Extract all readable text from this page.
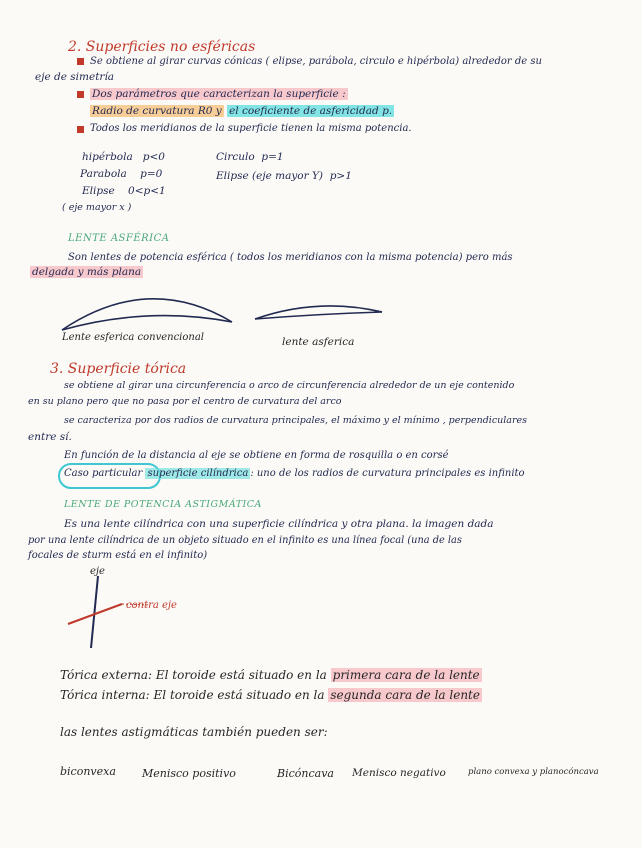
2. Superficies no esféricas
Se obtiene al girar curvas cónicas ( elipse, parábola, circulo e hipérbola) alrededor de su
eje de simetría
Dos parámetros que caracterizan la superficie :
Radio de curvatura R0 y el coeficiente de asfericidad p.
Todos los meridianos de la superficie tienen la misma potencia.
hipérbola   p<0
Parabola    p=0
Elipse    0<p<1
( eje mayor x )
Circulo  p=1
Elipse (eje mayor Y)  p>1
LENTE ASFÉRICA
Son lentes de potencia esférica ( todos los meridianos con la misma potencia) pero más
delgada y más plana
Lente esferica convencional	lente asferica
3. Superficie tórica
se obtiene al girar una circunferencia o arco de circunferencia alrededor de un eje contenido
en su plano pero que no pasa por el centro de curvatura del arco
se caracteriza por dos radios de curvatura principales, el máximo y el mínimo , perpendiculares
entre sí.
En función de la distancia al eje se obtiene en forma de rosquilla o en corsé
Caso particular superficie cilíndrica : uno de los radios de curvatura principales es infinito
LENTE DE POTENCIA ASTIGMÁTICA
Es una lente cilíndrica con una superficie cilíndrica y otra plana. la imagen dada
por una lente cilíndrica de un objeto situado en el infinito es una línea focal (una de las
focales de sturm está en el infinito)
eje
contra eje
Tórica externa: El toroide está situado en la primera cara de la lente
Tórica interna: El toroide está situado en la segunda cara de la lente
las lentes astigmáticas también pueden ser:
biconvexa Menisco positivo	Bicóncava Menisco negativo	plano convexa y planocóncava
